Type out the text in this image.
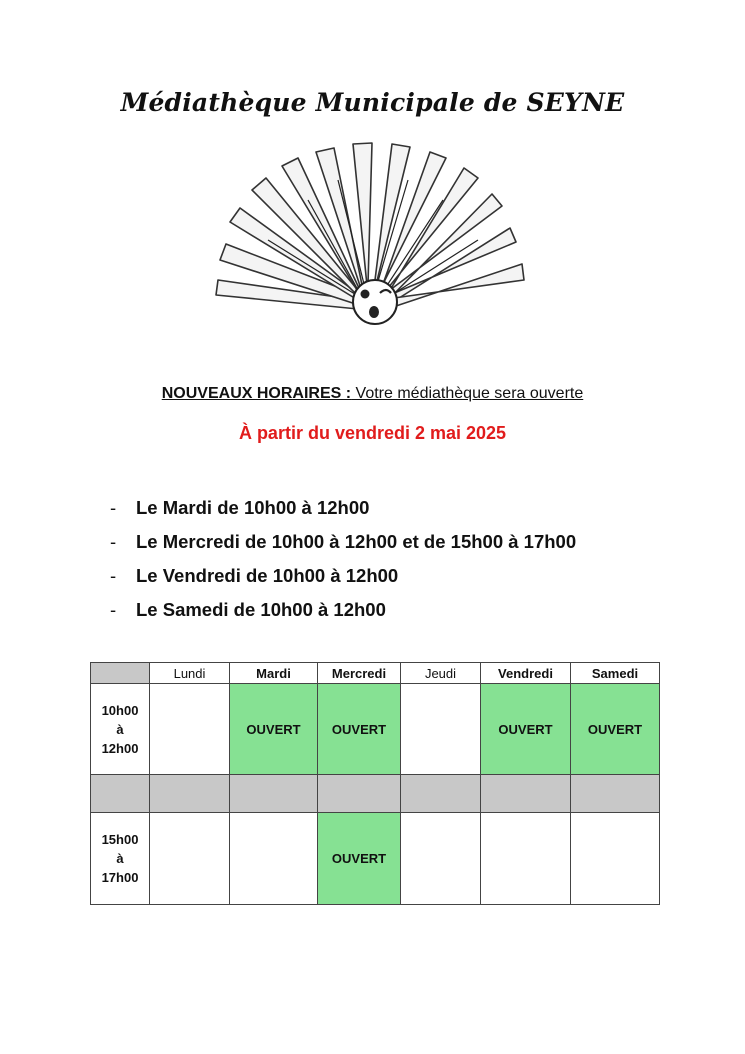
Médiathèque Municipale de SEYNE
NOUVEAUX HORAIRES : Votre médiathèque sera ouverte
À partir du vendredi 2 mai 2025
- Le Mardi de 10h00 à 12h00
- Le Mercredi de 10h00 à 12h00 et de 15h00 à 17h00
- Le Vendredi de 10h00 à 12h00
- Le Samedi de 10h00 à 12h00
	Lundi	Mardi	Mercredi	Jeudi	Vendredi	Samedi

10h00
à
12h00		OUVERT	OUVERT		OUVERT	OUVERT

15h00
à
17h00			OUVERT			
